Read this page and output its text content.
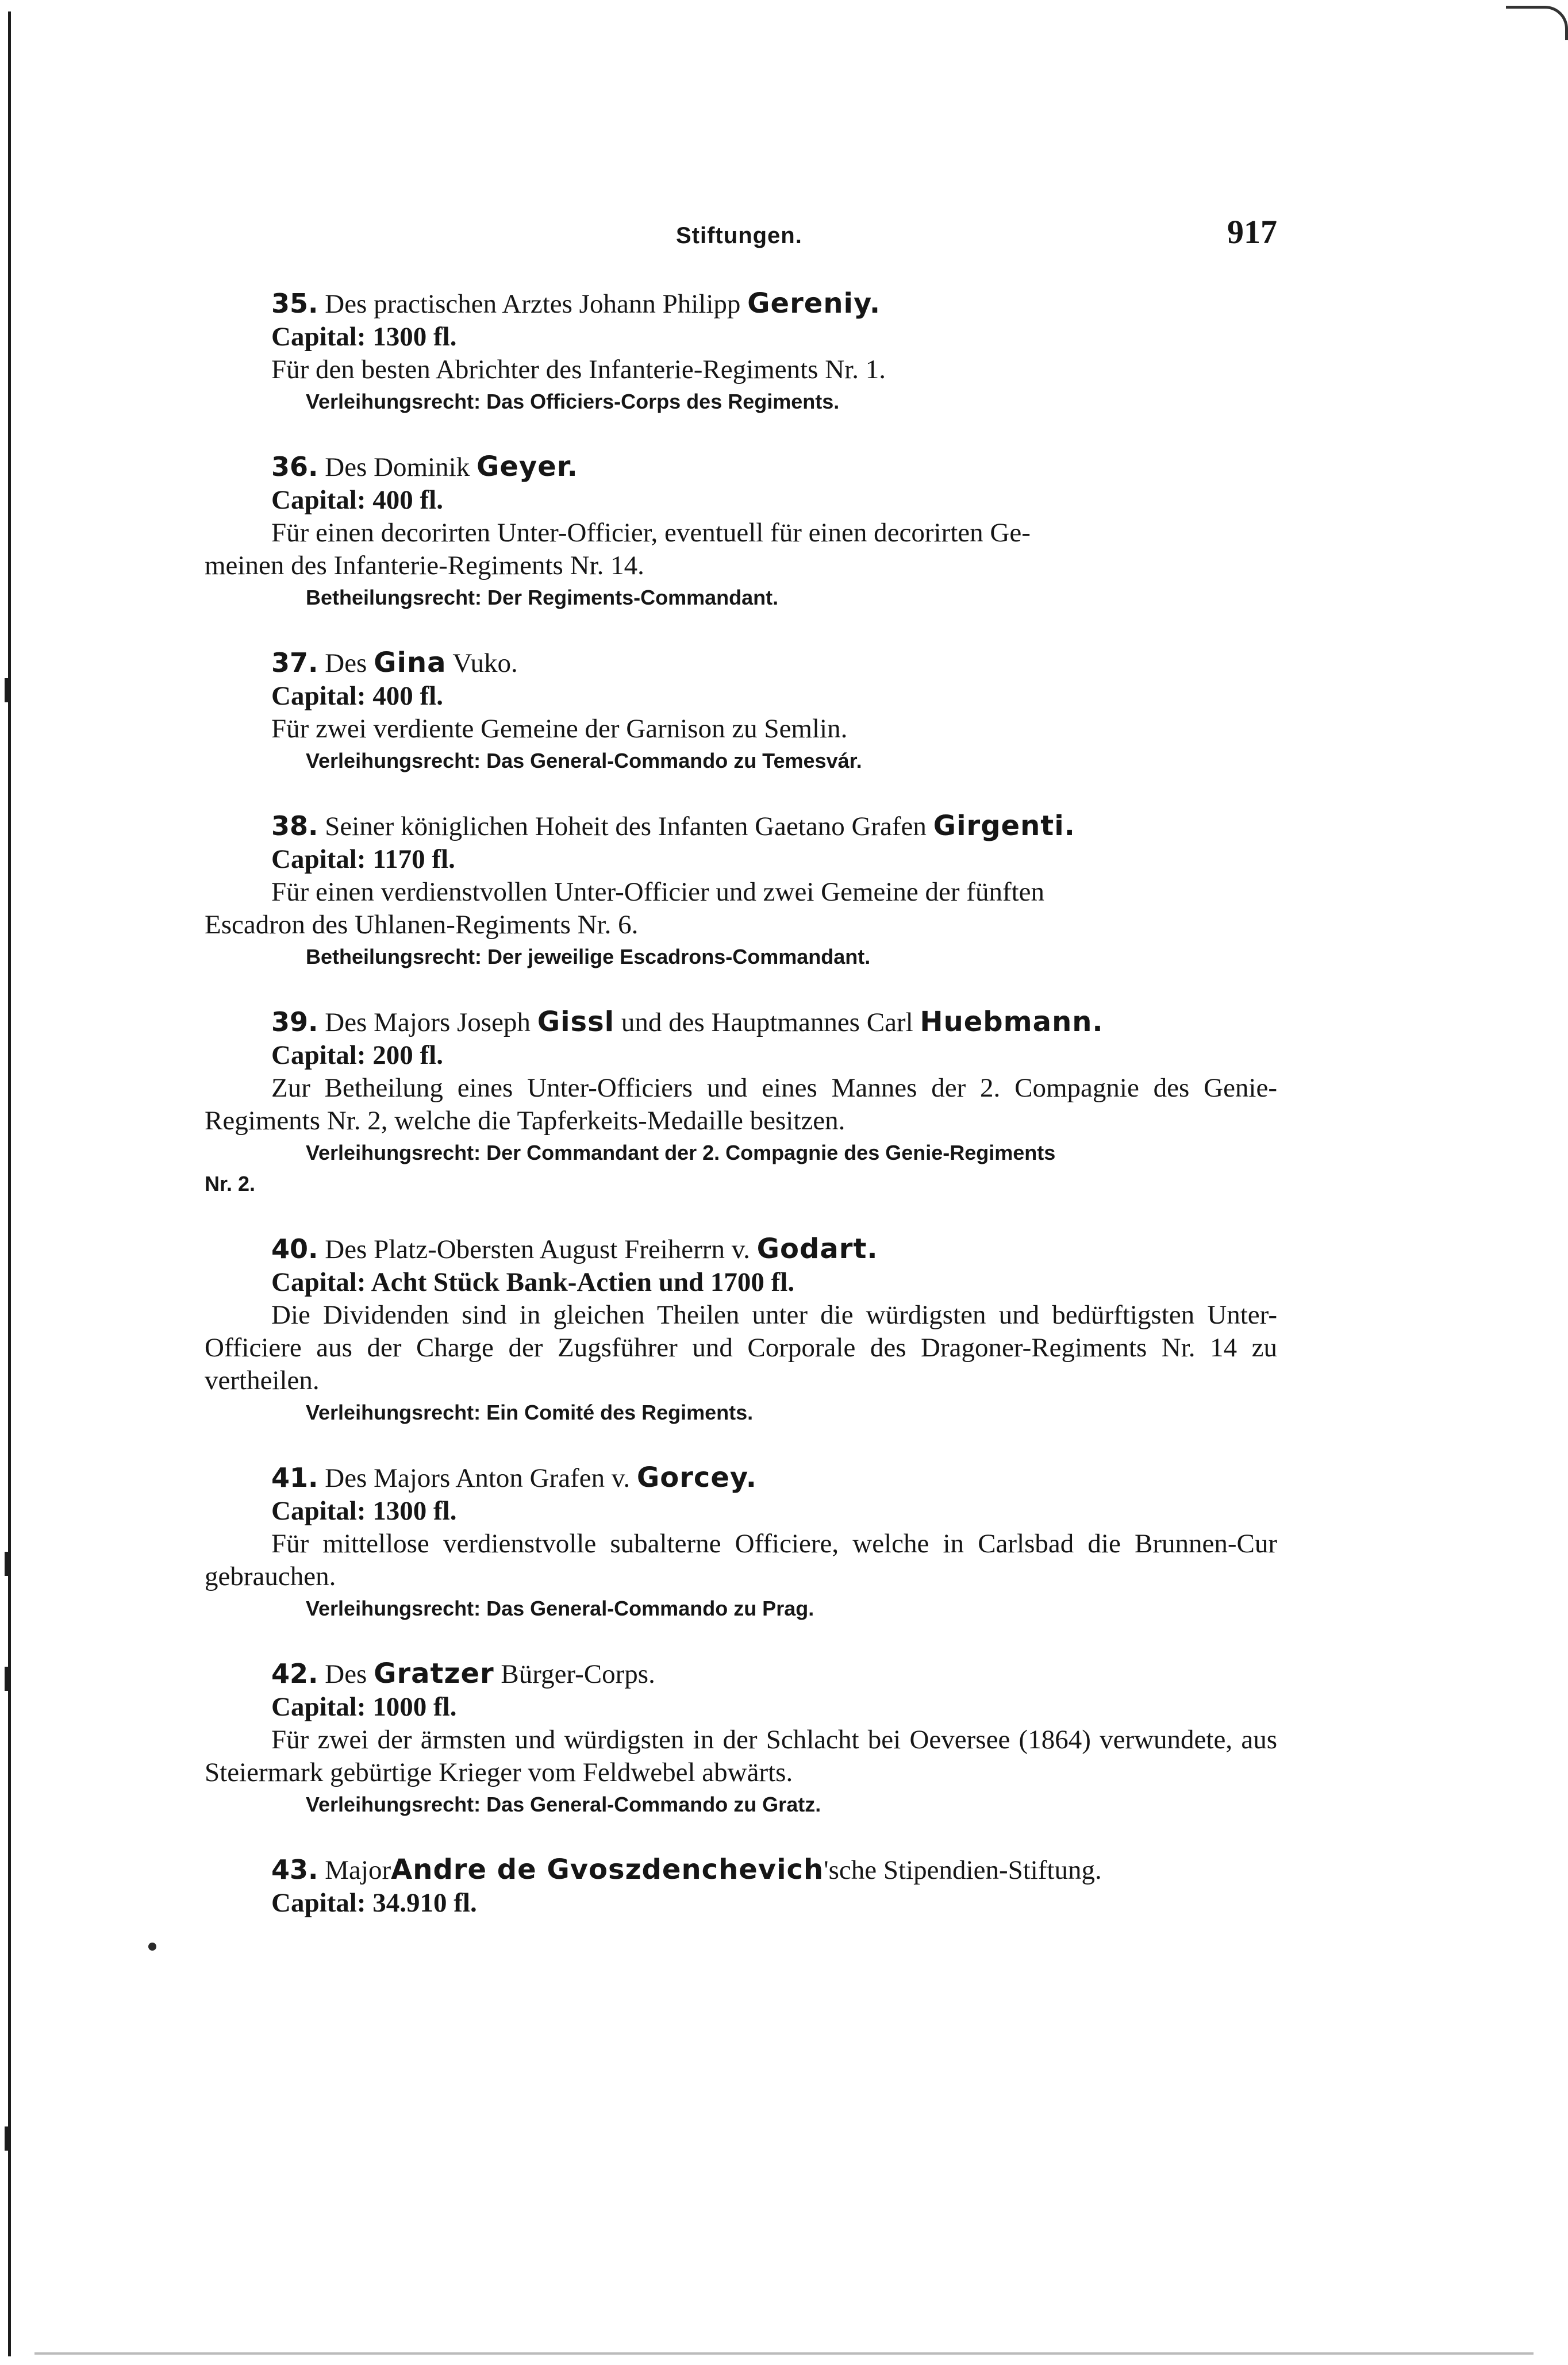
Stiftungen.	917

35. Des practischen Arztes Johann Philipp Gereniy.

Capital: 1300 fl.

Für den besten Abrichter des Infanterie-Regiments Nr. 1.

Verleihungsrecht: Das Officiers-Corps des Regiments.

36. Des Dominik Geyer.

Capital: 400 fl.

Für einen decorirten Unter-Officier, eventuell für einen decorirten Ge-

meinen des Infanterie-Regiments Nr. 14.

Betheilungsrecht: Der Regiments-Commandant.

37. Des Gina Vuko.

Capital: 400 fl.

Für zwei verdiente Gemeine der Garnison zu Semlin.

Verleihungsrecht: Das General-Commando zu Temesvár.

38. Seiner königlichen Hoheit des Infanten Gaetano Grafen Girgenti.

Capital: 1170 fl.

Für einen verdienstvollen Unter-Officier und zwei Gemeine der fünften

Escadron des Uhlanen-Regiments Nr. 6.

Betheilungsrecht: Der jeweilige Escadrons-Commandant.

39. Des Majors Joseph Gissl und des Hauptmannes Carl Huebmann.

Capital: 200 fl.

Zur Betheilung eines Unter-Officiers und eines Mannes der 2. Compagnie des Genie-Regiments Nr. 2, welche die Tapferkeits-Medaille besitzen.

Verleihungsrecht: Der Commandant der 2. Compagnie des Genie-Regiments

Nr. 2.

40. Des Platz-Obersten August Freiherrn v. Godart.

Capital: Acht Stück Bank-Actien und 1700 fl.

Die Dividenden sind in gleichen Theilen unter die würdigsten und bedürftigsten Unter-Officiere aus der Charge der Zugsführer und Corporale des Dragoner-Regiments Nr. 14 zu vertheilen.

Verleihungsrecht: Ein Comité des Regiments.

41. Des Majors Anton Grafen v. Gorcey.

Capital: 1300 fl.

Für mittellose verdienstvolle subalterne Officiere, welche in Carlsbad die Brunnen-Cur gebrauchen.

Verleihungsrecht: Das General-Commando zu Prag.

42. Des Gratzer Bürger-Corps.

Capital: 1000 fl.

Für zwei der ärmsten und würdigsten in der Schlacht bei Oeversee (1864) verwundete, aus Steiermark gebürtige Krieger vom Feldwebel abwärts.

Verleihungsrecht: Das General-Commando zu Gratz.

43. MajorAndre de Gvoszdenchevich'sche Stipendien-Stiftung.

Capital: 34.910 fl.
